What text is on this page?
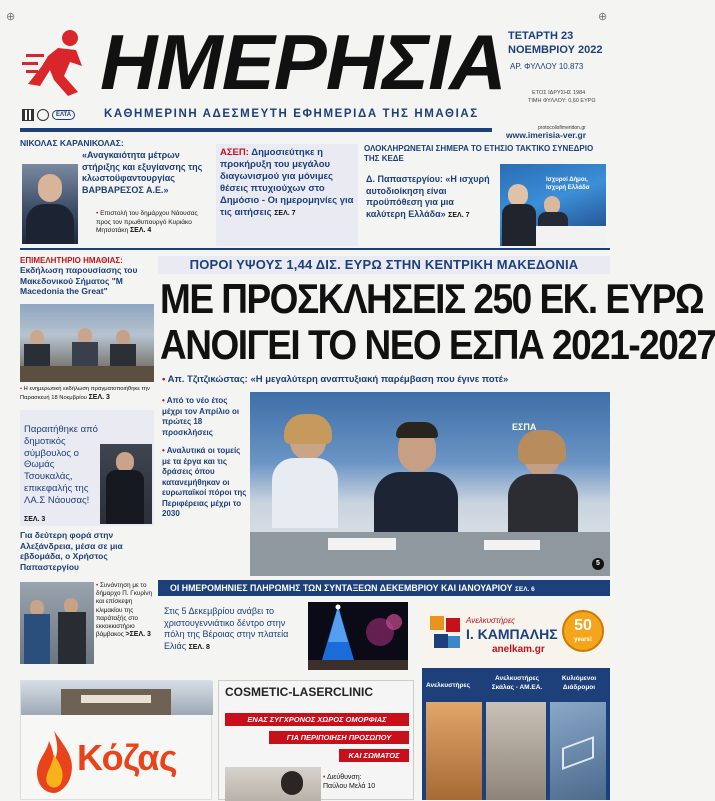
⊕	⊕
ΗΜΕΡΗΣΙΑ ΤΕΤΑΡΤΗ 23
ΝΟΕΜΒΡΙΟΥ 2022
ΑΡ. ΦΥΛΛΟΥ 10.873
ΕΤΟΣ ΙΔΡΥΣΗΣ 1984
ΤΙΜΗ ΦΥΛΛΟΥ: 0,60 ΕΥΡΩ
ΕΛΤΑ	ΚΑΘΗΜΕΡΙΝΗ ΑΔΕΣΜΕΥΤΗ ΕΦΗΜΕΡΙΔΑ ΤΗΣ ΗΜΑΘΙΑΣ
protocolisfimeridon.gr
www.imerisia-ver.gr
ΝΙΚΟΛΑΣ ΚΑΡΑΝΙΚΟΛΑΣ:
«Αναγκαιότητα μέτρων στήριξης και εξυγίανσης της κλωστοϋφαντουργίας ΒΑΡΒΑΡΕΣΟΣ Α.Ε.»
• Επιστολή του δημάρχου Νάουσας προς τον πρωθυπουργό Κυριάκο Μητσοτάκη ΣΕΛ. 4
ΑΣΕΠ: Δημοσιεύτηκε η προκήρυξη του μεγάλου διαγωνισμού για μόνιμες θέσεις πτυχιούχων στο Δημόσιο - Οι ημερομηνίες για τις αιτήσεις ΣΕΛ. 7
ΟΛΟΚΛΗΡΩΝΕΤΑΙ ΣΗΜΕΡΑ ΤΟ ΕΤΗΣΙΟ ΤΑΚΤΙΚΟ ΣΥΝΕΔΡΙΟ ΤΗΣ ΚΕΔΕ
Δ. Παπαστεργίου: «Η ισχυρή αυτοδιοίκηση είναι προϋπόθεση για μια καλύτερη Ελλάδα» ΣΕΛ. 7
Ισχυροί Δήμοι, Ισχυρή Ελλάδα
ΕΠΙΜΕΛΗΤΗΡΙΟ ΗΜΑΘΙΑΣ:
Εκδήλωση παρουσίασης του Μακεδονικού Σήματος "M Macedonia the Great"
• Η ενημερωτική εκδήλωση πραγματοποιήθηκε την Παρασκευή 18 Νοεμβρίου ΣΕΛ. 3
Παραιτήθηκε από δημοτικός σύμβουλος ο Θωμάς Τσουκαλάς, επικεφαλής της ΛΑ.Σ Νάουσας!
ΣΕΛ. 3
Για δεύτερη φορά στην Αλεξάνδρεια, μέσα σε μια εβδομάδα, ο Χρήστος Παπαστεργίου
• Συνάντηση με το δήμαρχο Π. Γκυρίνη και επίσκεψη κλιμακίου της παράταξής στο εκκοκκιστήριο βάμβακος >ΣΕΛ. 3
ΠΟΡΟΙ ΥΨΟΥΣ 1,44 ΔΙΣ. ΕΥΡΩ ΣΤΗΝ ΚΕΝΤΡΙΚΗ ΜΑΚΕΔΟΝΙΑ
ΜΕ ΠΡΟΣΚΛΗΣΕΙΣ 250 ΕΚ. ΕΥΡΩ
ΑΝΟΙΓΕΙ ΤΟ ΝΕΟ ΕΣΠΑ 2021-2027
• Απ. Τζιτζικώστας: «Η μεγαλύτερη αναπτυξιακή παρέμβαση που έγινε ποτέ»
• Από το νέο έτος μέχρι τον Απρίλιο οι πρώτες 18 προσκλήσεις
• Αναλυτικά οι τομείς με τα έργα και τις δράσεις όπου κατανεμήθηκαν οι ευρωπαϊκοί πόροι της Περιφέρειας μέχρι το 2030
ΕΣΠΑ
5
ΟΙ ΗΜΕΡΟΜΗΝΙΕΣ ΠΛΗΡΩΜΗΣ ΤΩΝ ΣΥΝΤΑΞΕΩΝ ΔΕΚΕΜΒΡΙΟΥ ΚΑΙ ΙΑΝΟΥΑΡΙΟΥ ΣΕΛ. 6
Στις 5 Δεκεμβρίου ανάβει το χριστουγεννιάτικο δέντρο στην πόλη της Βέροιας στην πλατεία Ελιάς ΣΕΛ. 8
Ανελκυστήρες
Ι. ΚΑΜΠΑΛΗΣ
anelkam.gr
50
years!
Ανελκυστήρες
Ανελκυστήρες Σκάλας - ΑΜ.ΕΑ.
Κυλιόμενοι Διάδρομοι
Κόζας
COSMETIC-LASERCLINIC
ΕΝΑΣ ΣΥΓΧΡΟΝΟΣ ΧΩΡΟΣ ΟΜΟΡΦΙΑΣ
ΓΙΑ ΠΕΡΙΠΟΙΗΣΗ ΠΡΟΣΩΠΟΥ
ΚΑΙ ΣΩΜΑΤΟΣ
• Διεύθυνση:
Παύλου Μελά 10
